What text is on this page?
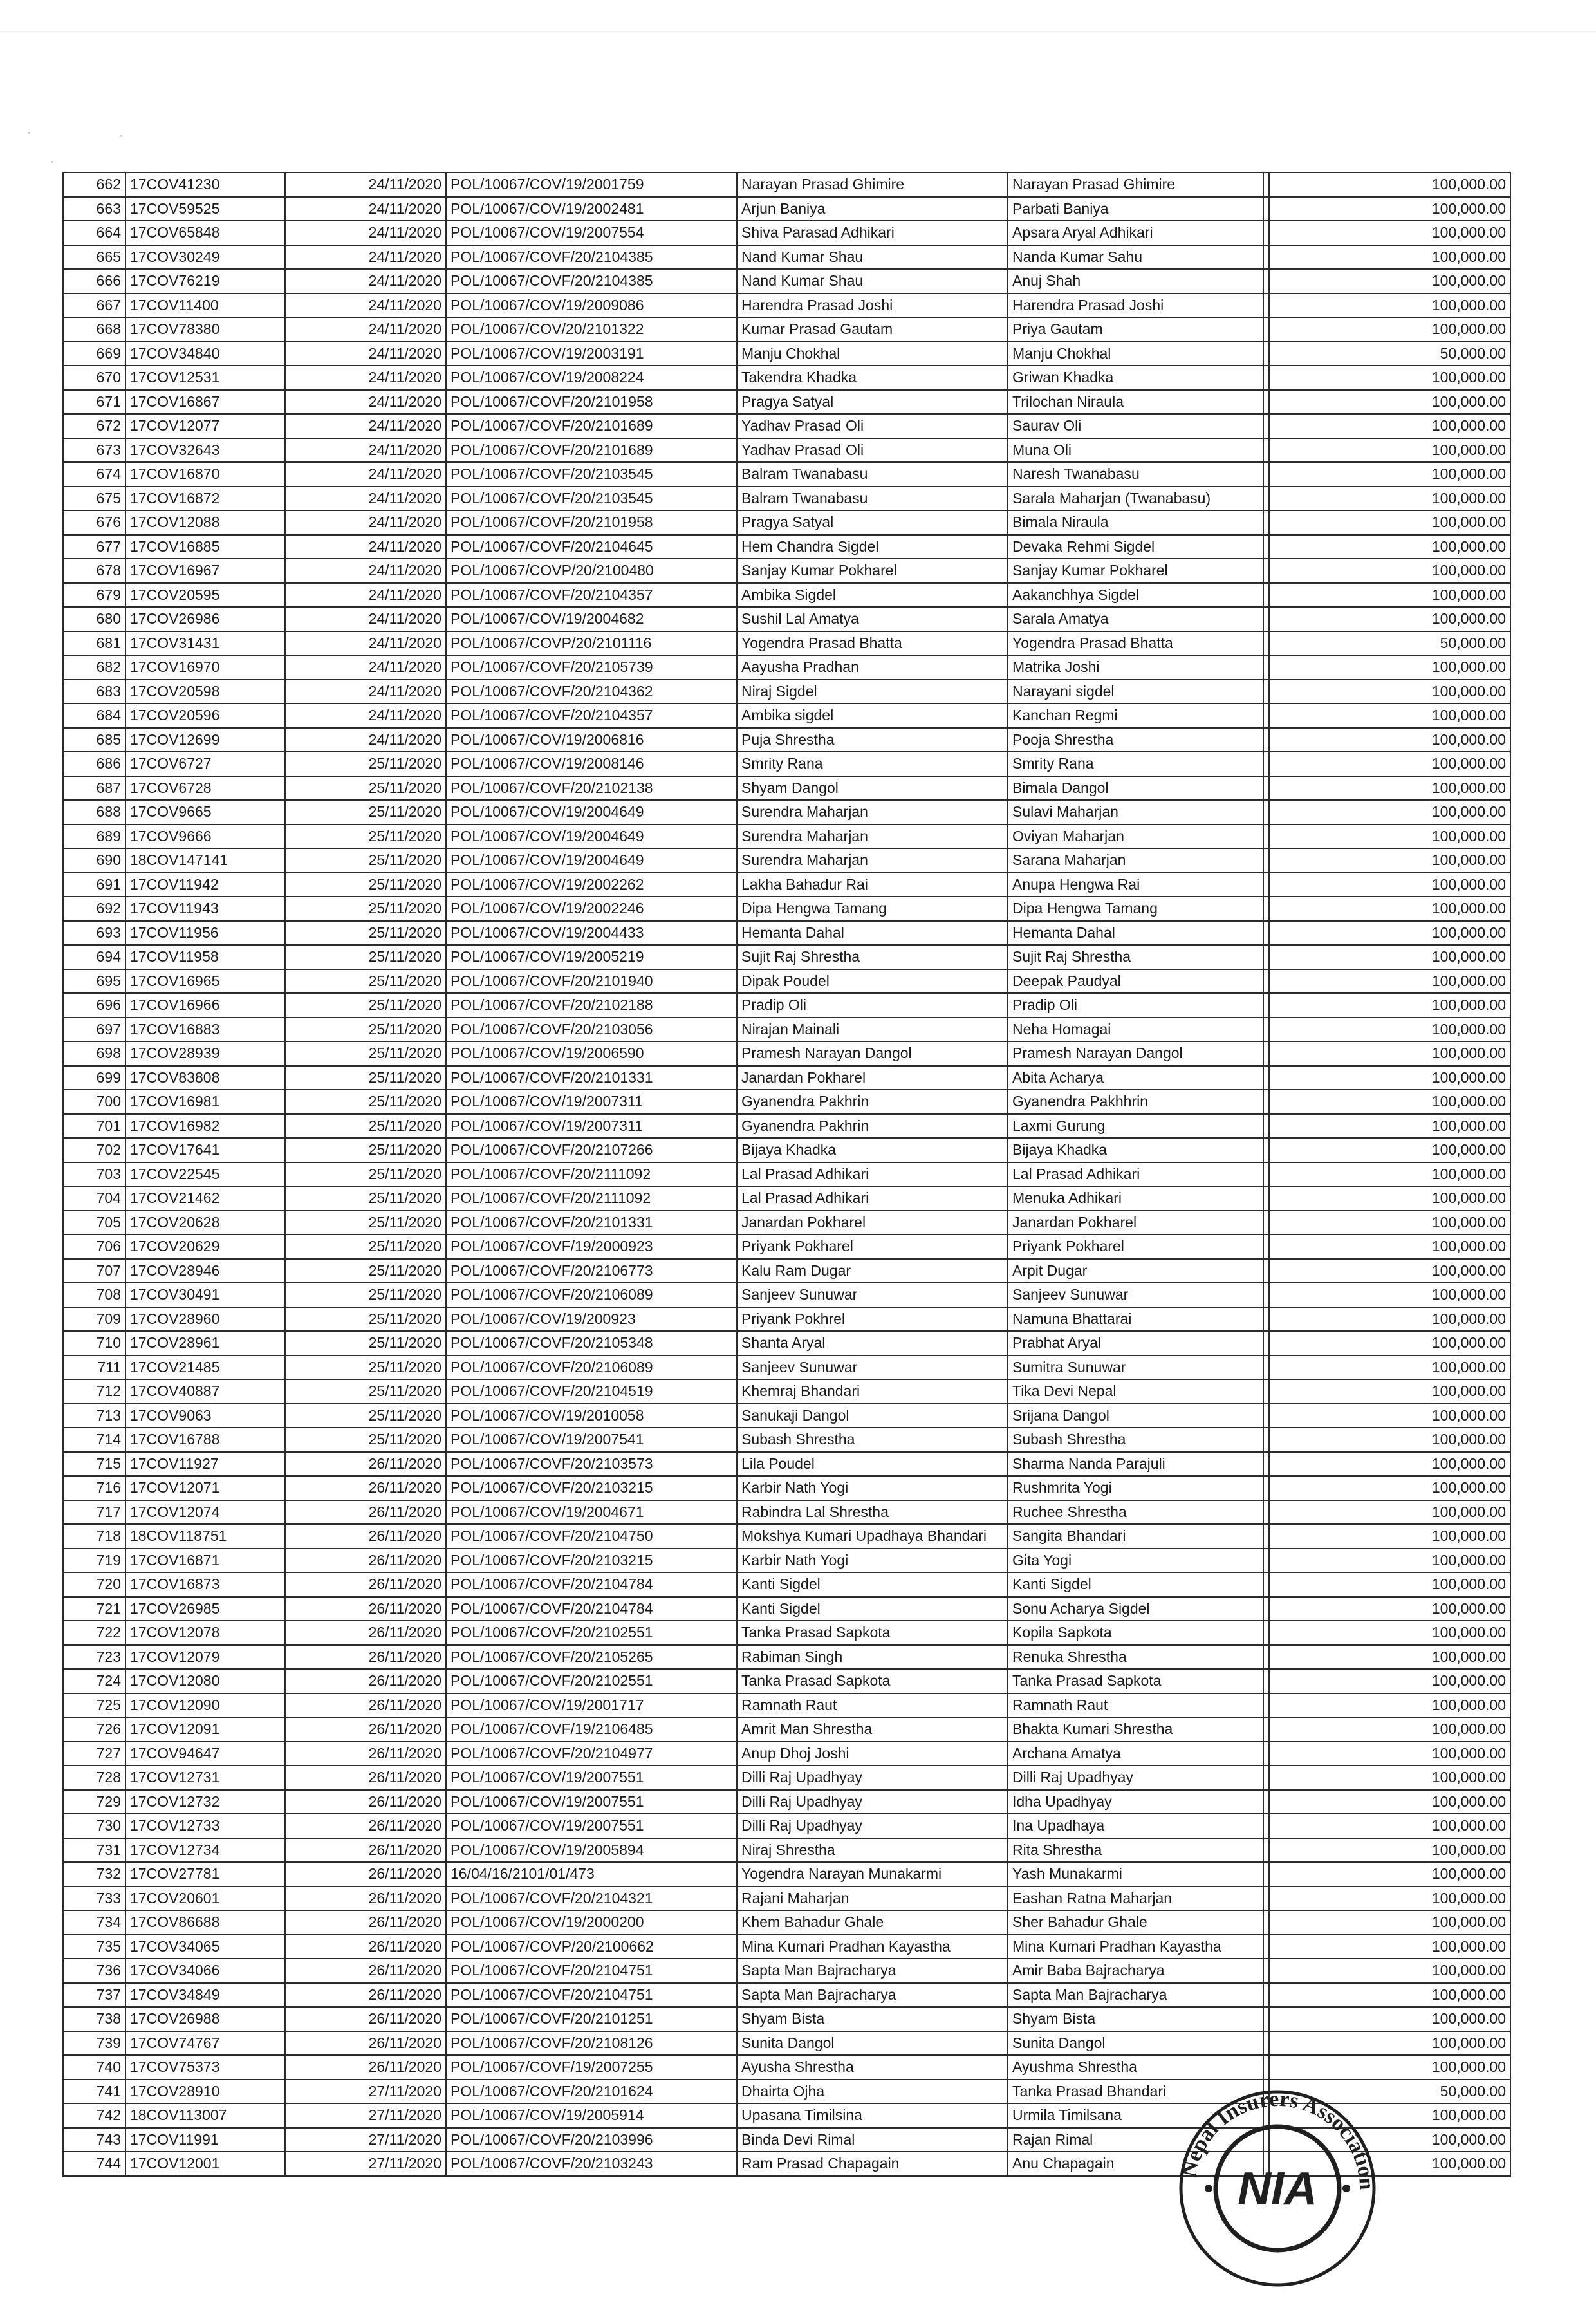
662	17COV41230	24/11/2020	POL/10067/COV/19/2001759	Narayan Prasad Ghimire	Narayan Prasad Ghimire		100,000.00
663	17COV59525	24/11/2020	POL/10067/COV/19/2002481	Arjun Baniya	Parbati Baniya		100,000.00
664	17COV65848	24/11/2020	POL/10067/COV/19/2007554	Shiva Parasad Adhikari	Apsara Aryal Adhikari		100,000.00
665	17COV30249	24/11/2020	POL/10067/COVF/20/2104385	Nand Kumar Shau	Nanda Kumar Sahu		100,000.00
666	17COV76219	24/11/2020	POL/10067/COVF/20/2104385	Nand Kumar Shau	Anuj Shah		100,000.00
667	17COV11400	24/11/2020	POL/10067/COV/19/2009086	Harendra Prasad Joshi	Harendra Prasad Joshi		100,000.00
668	17COV78380	24/11/2020	POL/10067/COV/20/2101322	Kumar Prasad Gautam	Priya Gautam		100,000.00
669	17COV34840	24/11/2020	POL/10067/COV/19/2003191	Manju Chokhal	Manju Chokhal		50,000.00
670	17COV12531	24/11/2020	POL/10067/COV/19/2008224	Takendra Khadka	Griwan Khadka		100,000.00
671	17COV16867	24/11/2020	POL/10067/COVF/20/2101958	Pragya Satyal	Trilochan Niraula		100,000.00
672	17COV12077	24/11/2020	POL/10067/COVF/20/2101689	Yadhav Prasad Oli	Saurav Oli		100,000.00
673	17COV32643	24/11/2020	POL/10067/COVF/20/2101689	Yadhav Prasad Oli	Muna Oli		100,000.00
674	17COV16870	24/11/2020	POL/10067/COVF/20/2103545	Balram Twanabasu	Naresh Twanabasu		100,000.00
675	17COV16872	24/11/2020	POL/10067/COVF/20/2103545	Balram Twanabasu	Sarala Maharjan (Twanabasu)		100,000.00
676	17COV12088	24/11/2020	POL/10067/COVF/20/2101958	Pragya Satyal	Bimala Niraula		100,000.00
677	17COV16885	24/11/2020	POL/10067/COVF/20/2104645	Hem Chandra Sigdel	Devaka Rehmi Sigdel		100,000.00
678	17COV16967	24/11/2020	POL/10067/COVP/20/2100480	Sanjay Kumar Pokharel	Sanjay Kumar Pokharel		100,000.00
679	17COV20595	24/11/2020	POL/10067/COVF/20/2104357	Ambika Sigdel	Aakanchhya Sigdel		100,000.00
680	17COV26986	24/11/2020	POL/10067/COV/19/2004682	Sushil Lal Amatya	Sarala Amatya		100,000.00
681	17COV31431	24/11/2020	POL/10067/COVP/20/2101116	Yogendra Prasad Bhatta	Yogendra Prasad Bhatta		50,000.00
682	17COV16970	24/11/2020	POL/10067/COVF/20/2105739	Aayusha Pradhan	Matrika Joshi		100,000.00
683	17COV20598	24/11/2020	POL/10067/COVF/20/2104362	Niraj Sigdel	Narayani sigdel		100,000.00
684	17COV20596	24/11/2020	POL/10067/COVF/20/2104357	Ambika sigdel	Kanchan Regmi		100,000.00
685	17COV12699	24/11/2020	POL/10067/COV/19/2006816	Puja Shrestha	Pooja Shrestha		100,000.00
686	17COV6727	25/11/2020	POL/10067/COV/19/2008146	Smrity Rana	Smrity Rana		100,000.00
687	17COV6728	25/11/2020	POL/10067/COVF/20/2102138	Shyam Dangol	Bimala Dangol		100,000.00
688	17COV9665	25/11/2020	POL/10067/COV/19/2004649	Surendra Maharjan	Sulavi Maharjan		100,000.00
689	17COV9666	25/11/2020	POL/10067/COV/19/2004649	Surendra Maharjan	Oviyan Maharjan		100,000.00
690	18COV147141	25/11/2020	POL/10067/COV/19/2004649	Surendra Maharjan	Sarana Maharjan		100,000.00
691	17COV11942	25/11/2020	POL/10067/COV/19/2002262	Lakha Bahadur Rai	Anupa Hengwa Rai		100,000.00
692	17COV11943	25/11/2020	POL/10067/COV/19/2002246	Dipa Hengwa Tamang	Dipa Hengwa Tamang		100,000.00
693	17COV11956	25/11/2020	POL/10067/COV/19/2004433	Hemanta Dahal	Hemanta Dahal		100,000.00
694	17COV11958	25/11/2020	POL/10067/COV/19/2005219	Sujit Raj Shrestha	Sujit Raj Shrestha		100,000.00
695	17COV16965	25/11/2020	POL/10067/COVF/20/2101940	Dipak Poudel	Deepak Paudyal		100,000.00
696	17COV16966	25/11/2020	POL/10067/COVF/20/2102188	Pradip Oli	Pradip Oli		100,000.00
697	17COV16883	25/11/2020	POL/10067/COVF/20/2103056	Nirajan Mainali	Neha Homagai		100,000.00
698	17COV28939	25/11/2020	POL/10067/COV/19/2006590	Pramesh Narayan Dangol	Pramesh Narayan Dangol		100,000.00
699	17COV83808	25/11/2020	POL/10067/COVF/20/2101331	Janardan Pokharel	Abita Acharya		100,000.00
700	17COV16981	25/11/2020	POL/10067/COV/19/2007311	Gyanendra Pakhrin	Gyanendra Pakhhrin		100,000.00
701	17COV16982	25/11/2020	POL/10067/COV/19/2007311	Gyanendra Pakhrin	Laxmi Gurung		100,000.00
702	17COV17641	25/11/2020	POL/10067/COVF/20/2107266	Bijaya Khadka	Bijaya Khadka		100,000.00
703	17COV22545	25/11/2020	POL/10067/COVF/20/2111092	Lal Prasad Adhikari	Lal Prasad Adhikari		100,000.00
704	17COV21462	25/11/2020	POL/10067/COVF/20/2111092	Lal Prasad Adhikari	Menuka Adhikari		100,000.00
705	17COV20628	25/11/2020	POL/10067/COVF/20/2101331	Janardan Pokharel	Janardan Pokharel		100,000.00
706	17COV20629	25/11/2020	POL/10067/COVF/19/2000923	Priyank Pokharel	Priyank Pokharel		100,000.00
707	17COV28946	25/11/2020	POL/10067/COVF/20/2106773	Kalu Ram Dugar	Arpit Dugar		100,000.00
708	17COV30491	25/11/2020	POL/10067/COVF/20/2106089	Sanjeev Sunuwar	Sanjeev Sunuwar		100,000.00
709	17COV28960	25/11/2020	POL/10067/COV/19/200923	Priyank Pokhrel	Namuna Bhattarai		100,000.00
710	17COV28961	25/11/2020	POL/10067/COVF/20/2105348	Shanta Aryal	Prabhat Aryal		100,000.00
711	17COV21485	25/11/2020	POL/10067/COVF/20/2106089	Sanjeev Sunuwar	Sumitra Sunuwar		100,000.00
712	17COV40887	25/11/2020	POL/10067/COVF/20/2104519	Khemraj Bhandari	Tika Devi Nepal		100,000.00
713	17COV9063	25/11/2020	POL/10067/COV/19/2010058	Sanukaji Dangol	Srijana Dangol		100,000.00
714	17COV16788	25/11/2020	POL/10067/COV/19/2007541	Subash Shrestha	Subash Shrestha		100,000.00
715	17COV11927	26/11/2020	POL/10067/COVF/20/2103573	Lila Poudel	Sharma Nanda Parajuli		100,000.00
716	17COV12071	26/11/2020	POL/10067/COVF/20/2103215	Karbir Nath Yogi	Rushmrita Yogi		100,000.00
717	17COV12074	26/11/2020	POL/10067/COV/19/2004671	Rabindra Lal Shrestha	Ruchee Shrestha		100,000.00
718	18COV118751	26/11/2020	POL/10067/COVF/20/2104750	Mokshya Kumari Upadhaya Bhandari	Sangita Bhandari		100,000.00
719	17COV16871	26/11/2020	POL/10067/COVF/20/2103215	Karbir Nath Yogi	Gita Yogi		100,000.00
720	17COV16873	26/11/2020	POL/10067/COVF/20/2104784	Kanti Sigdel	Kanti Sigdel		100,000.00
721	17COV26985	26/11/2020	POL/10067/COVF/20/2104784	Kanti Sigdel	Sonu Acharya Sigdel		100,000.00
722	17COV12078	26/11/2020	POL/10067/COVF/20/2102551	Tanka Prasad Sapkota	Kopila Sapkota		100,000.00
723	17COV12079	26/11/2020	POL/10067/COVF/20/2105265	Rabiman Singh	Renuka Shrestha		100,000.00
724	17COV12080	26/11/2020	POL/10067/COVF/20/2102551	Tanka Prasad Sapkota	Tanka Prasad Sapkota		100,000.00
725	17COV12090	26/11/2020	POL/10067/COV/19/2001717	Ramnath Raut	Ramnath Raut		100,000.00
726	17COV12091	26/11/2020	POL/10067/COVF/19/2106485	Amrit Man Shrestha	Bhakta Kumari Shrestha		100,000.00
727	17COV94647	26/11/2020	POL/10067/COVF/20/2104977	Anup Dhoj Joshi	Archana Amatya		100,000.00
728	17COV12731	26/11/2020	POL/10067/COV/19/2007551	Dilli Raj Upadhyay	Dilli Raj Upadhyay		100,000.00
729	17COV12732	26/11/2020	POL/10067/COV/19/2007551	Dilli Raj Upadhyay	Idha Upadhyay		100,000.00
730	17COV12733	26/11/2020	POL/10067/COV/19/2007551	Dilli Raj Upadhyay	Ina Upadhaya		100,000.00
731	17COV12734	26/11/2020	POL/10067/COV/19/2005894	Niraj Shrestha	Rita Shrestha		100,000.00
732	17COV27781	26/11/2020	16/04/16/2101/01/473	Yogendra Narayan Munakarmi	Yash Munakarmi		100,000.00
733	17COV20601	26/11/2020	POL/10067/COVF/20/2104321	Rajani Maharjan	Eashan Ratna Maharjan		100,000.00
734	17COV86688	26/11/2020	POL/10067/COV/19/2000200	Khem Bahadur Ghale	Sher Bahadur Ghale		100,000.00
735	17COV34065	26/11/2020	POL/10067/COVP/20/2100662	Mina Kumari Pradhan Kayastha	Mina Kumari Pradhan Kayastha		100,000.00
736	17COV34066	26/11/2020	POL/10067/COVF/20/2104751	Sapta Man Bajracharya	Amir Baba Bajracharya		100,000.00
737	17COV34849	26/11/2020	POL/10067/COVF/20/2104751	Sapta Man Bajracharya	Sapta Man Bajracharya		100,000.00
738	17COV26988	26/11/2020	POL/10067/COVF/20/2101251	Shyam Bista	Shyam Bista		100,000.00
739	17COV74767	26/11/2020	POL/10067/COVF/20/2108126	Sunita Dangol	Sunita Dangol		100,000.00
740	17COV75373	26/11/2020	POL/10067/COVF/19/2007255	Ayusha Shrestha	Ayushma Shrestha		100,000.00
741	17COV28910	27/11/2020	POL/10067/COVF/20/2101624	Dhairta Ojha	Tanka Prasad Bhandari		50,000.00
742	18COV113007	27/11/2020	POL/10067/COV/19/2005914	Upasana Timilsina	Urmila Timilsana		100,000.00
743	17COV11991	27/11/2020	POL/10067/COVF/20/2103996	Binda Devi Rimal	Rajan Rimal		100,000.00
744	17COV12001	27/11/2020	POL/10067/COVF/20/2103243	Ram Prasad Chapagain	Anu Chapagain		100,000.00
Nepal Insurers Association
NIA
